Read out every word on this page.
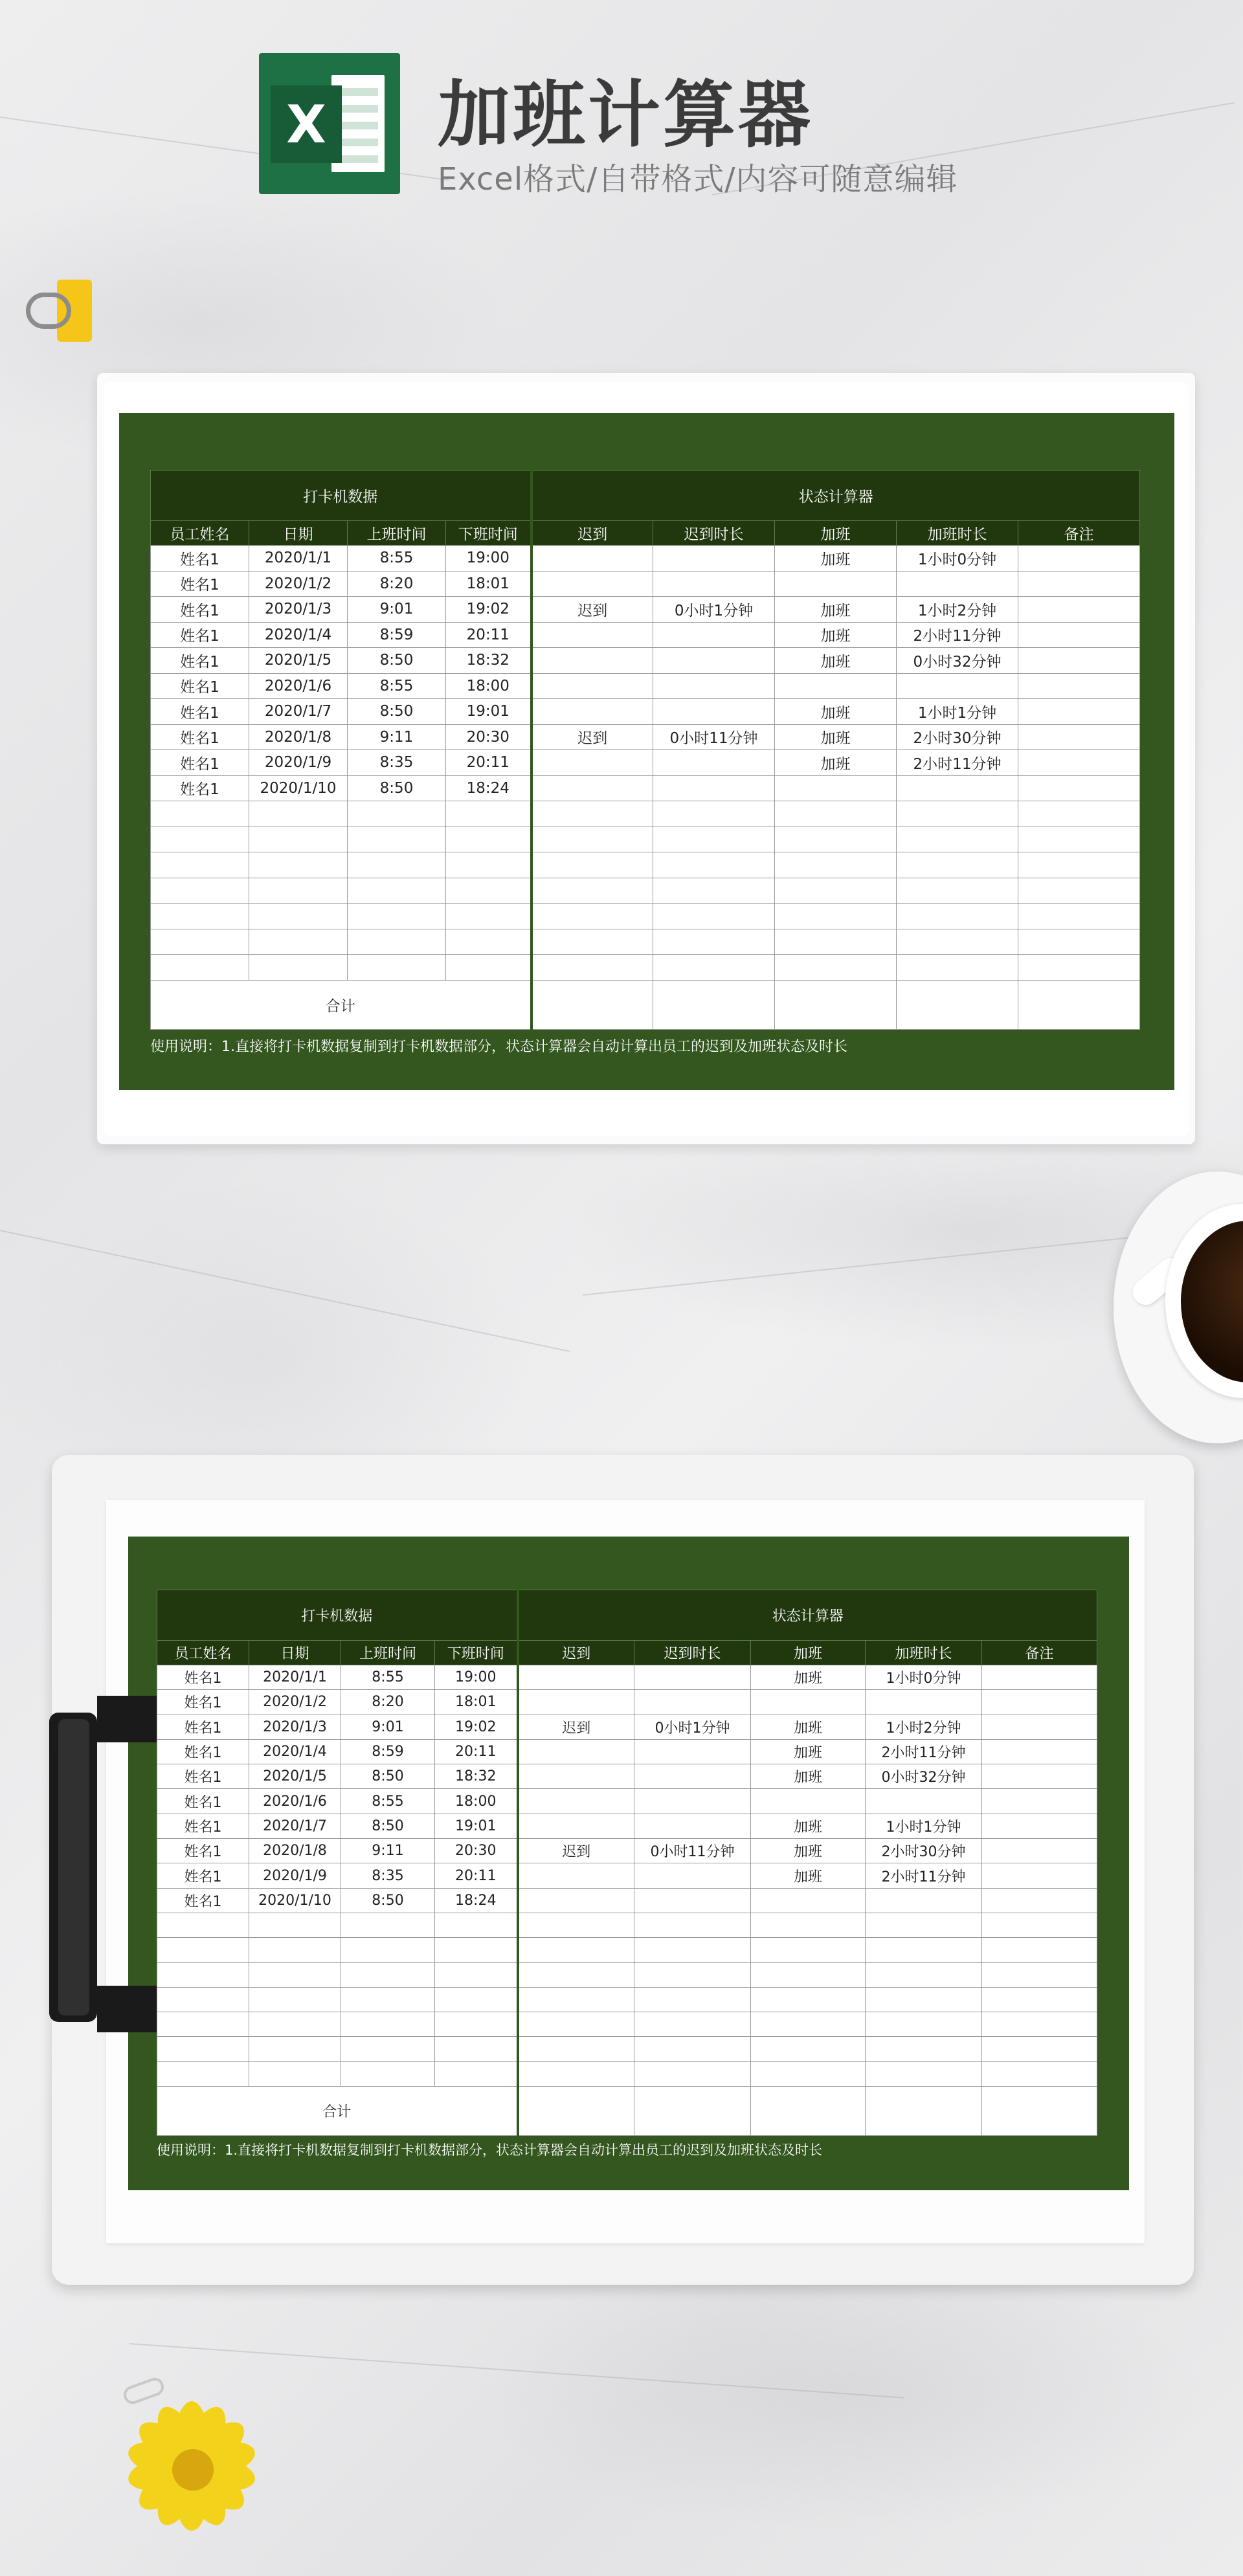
X 加班计算器
Excel格式/自带格式/内容可随意编辑
打卡机数据				状态计算器				
员工姓名	日期	上班时间	下班时间	迟到	迟到时长	加班	加班时长	备注
姓名1	2020/1/1	8:55	19:00			加班	1小时0分钟	
姓名1	2020/1/2	8:20	18:01					
姓名1	2020/1/3	9:01	19:02	迟到	0小时1分钟	加班	1小时2分钟	
姓名1	2020/1/4	8:59	20:11			加班	2小时11分钟	
姓名1	2020/1/5	8:50	18:32			加班	0小时32分钟	
姓名1	2020/1/6	8:55	18:00					
姓名1	2020/1/7	8:50	19:01			加班	1小时1分钟	
姓名1	2020/1/8	9:11	20:30	迟到	0小时11分钟	加班	2小时30分钟	
姓名1	2020/1/9	8:35	20:11			加班	2小时11分钟	
姓名1	2020/1/10	8:50	18:24					

合计								
使用说明：1.直接将打卡机数据复制到打卡机数据部分，状态计算器会自动计算出员工的迟到及加班状态及时长
打卡机数据				状态计算器				
员工姓名	日期	上班时间	下班时间	迟到	迟到时长	加班	加班时长	备注
姓名1	2020/1/1	8:55	19:00			加班	1小时0分钟	
姓名1	2020/1/2	8:20	18:01					
姓名1	2020/1/3	9:01	19:02	迟到	0小时1分钟	加班	1小时2分钟	
姓名1	2020/1/4	8:59	20:11			加班	2小时11分钟	
姓名1	2020/1/5	8:50	18:32			加班	0小时32分钟	
姓名1	2020/1/6	8:55	18:00					
姓名1	2020/1/7	8:50	19:01			加班	1小时1分钟	
姓名1	2020/1/8	9:11	20:30	迟到	0小时11分钟	加班	2小时30分钟	
姓名1	2020/1/9	8:35	20:11			加班	2小时11分钟	
姓名1	2020/1/10	8:50	18:24					

合计								
使用说明：1.直接将打卡机数据复制到打卡机数据部分，状态计算器会自动计算出员工的迟到及加班状态及时长
